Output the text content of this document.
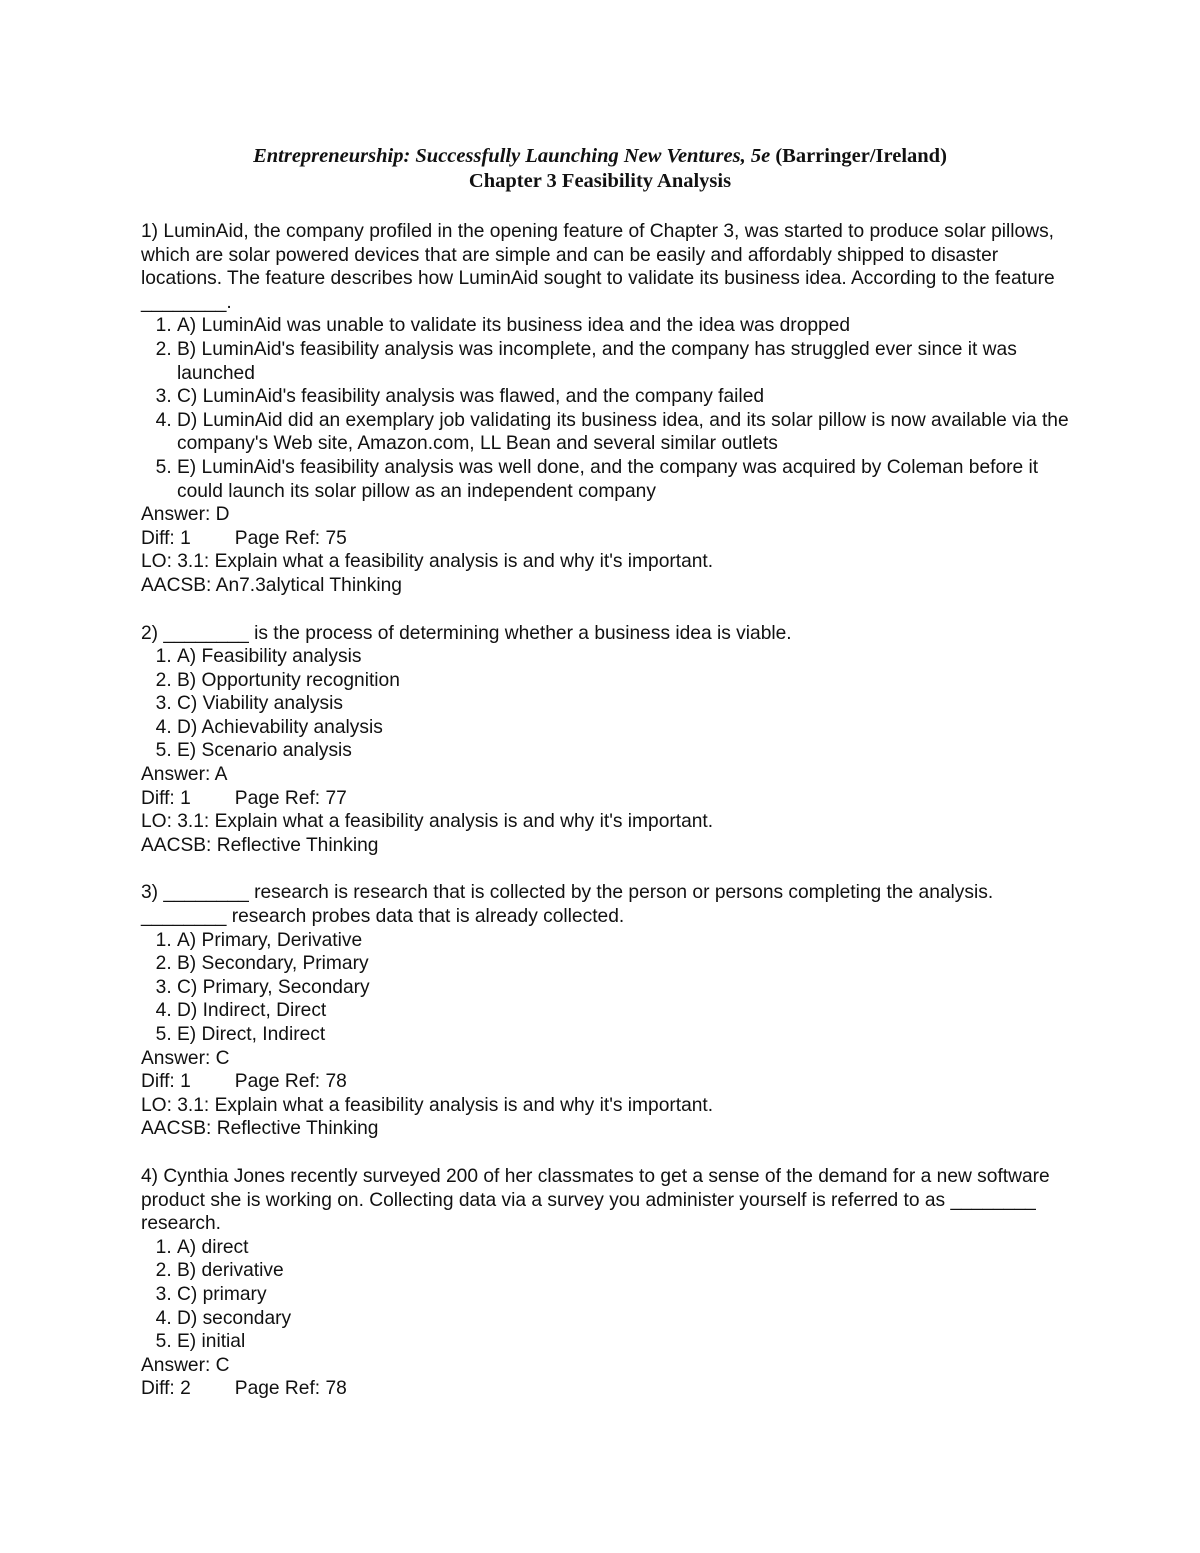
Entrepreneurship: Successfully Launching New Ventures, 5e (Barringer/Ireland)
Chapter 3 Feasibility Analysis

1) LuminAid, the company profiled in the opening feature of Chapter 3, was started to produce solar pillows, which are solar powered devices that are simple and can be easily and affordably shipped to disaster locations. The feature describes how LuminAid sought to validate its business idea. According to the feature ________.

1. A) LuminAid was unable to validate its business idea and the idea was dropped
2. B) LuminAid's feasibility analysis was incomplete, and the company has struggled ever since it was launched
3. C) LuminAid's feasibility analysis was flawed, and the company failed
4. D) LuminAid did an exemplary job validating its business idea, and its solar pillow is now available via the company's Web site, Amazon.com, LL Bean and several similar outlets
5. E) LuminAid's feasibility analysis was well done, and the company was acquired by Coleman before it could launch its solar pillow as an independent company

Answer: D

Diff: 1 Page Ref: 75

LO: 3.1: Explain what a feasibility analysis is and why it's important.

AACSB: An7.3alytical Thinking

2) ________ is the process of determining whether a business idea is viable.

1. A) Feasibility analysis
2. B) Opportunity recognition
3. C) Viability analysis
4. D) Achievability analysis
5. E) Scenario analysis

Answer: A

Diff: 1 Page Ref: 77

LO: 3.1: Explain what a feasibility analysis is and why it's important.

AACSB: Reflective Thinking

3) ________ research is research that is collected by the person or persons completing the analysis. ________ research probes data that is already collected.

1. A) Primary, Derivative
2. B) Secondary, Primary
3. C) Primary, Secondary
4. D) Indirect, Direct
5. E) Direct, Indirect

Answer: C

Diff: 1 Page Ref: 78

LO: 3.1: Explain what a feasibility analysis is and why it's important.

AACSB: Reflective Thinking

4) Cynthia Jones recently surveyed 200 of her classmates to get a sense of the demand for a new software product she is working on. Collecting data via a survey you administer yourself is referred to as ________ research.

1. A) direct
2. B) derivative
3. C) primary
4. D) secondary
5. E) initial

Answer: C

Diff: 2 Page Ref: 78
